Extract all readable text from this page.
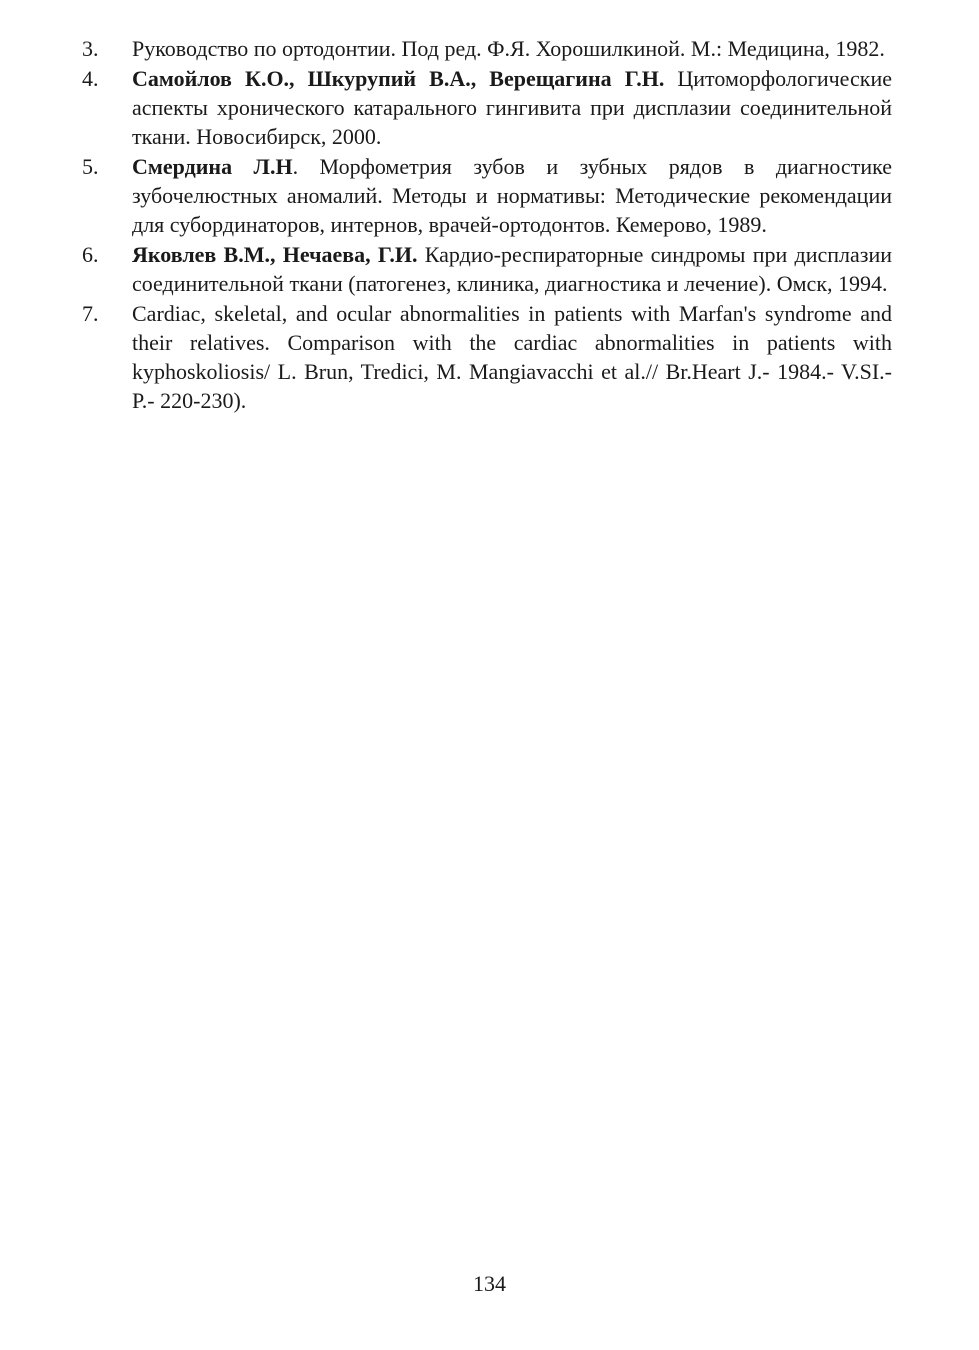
3.	Руководство по ортодонтии. Под ред. Ф.Я. Хорошилкиной. М.: Медицина, 1982.
4.	Самойлов К.О., Шкурупий В.А., Верещагина Г.Н. Цитоморфологические аспекты хронического катарального гингивита при дисплазии соединительной ткани. Новосибирск, 2000.
5.	Смердина Л.Н. Морфометрия зубов и зубных рядов в диагностике зубочелюстных аномалий. Методы и нормативы: Методические рекомендации для субординаторов, интернов, врачей-ортодонтов. Кемерово, 1989.
6.	Яковлев В.М., Нечаева, Г.И. Кардио-респираторные синдромы при дисплазии соединительной ткани (патогенез, клиника, диагностика и лечение). Омск, 1994.
7.	Cardiac, skeletal, and ocular abnormalities in patients with Marfan's syndrome and their relatives. Comparison with the cardiac abnormalities in patients with kyphoskoliosis/ L. Brun, Tredici, M. Mangiavacchi et al.// Br.Heart J.- 1984.- V.SI.- P.- 220-230).
134
